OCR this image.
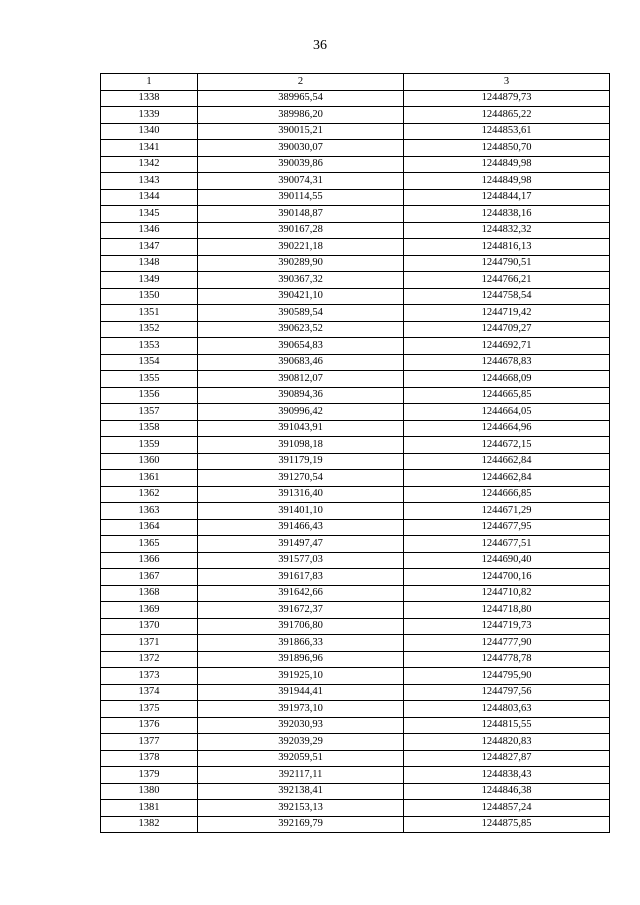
36
1	2	3
1338	389965,54	1244879,73
1339	389986,20	1244865,22
1340	390015,21	1244853,61
1341	390030,07	1244850,70
1342	390039,86	1244849,98
1343	390074,31	1244849,98
1344	390114,55	1244844,17
1345	390148,87	1244838,16
1346	390167,28	1244832,32
1347	390221,18	1244816,13
1348	390289,90	1244790,51
1349	390367,32	1244766,21
1350	390421,10	1244758,54
1351	390589,54	1244719,42
1352	390623,52	1244709,27
1353	390654,83	1244692,71
1354	390683,46	1244678,83
1355	390812,07	1244668,09
1356	390894,36	1244665,85
1357	390996,42	1244664,05
1358	391043,91	1244664,96
1359	391098,18	1244672,15
1360	391179,19	1244662,84
1361	391270,54	1244662,84
1362	391316,40	1244666,85
1363	391401,10	1244671,29
1364	391466,43	1244677,95
1365	391497,47	1244677,51
1366	391577,03	1244690,40
1367	391617,83	1244700,16
1368	391642,66	1244710,82
1369	391672,37	1244718,80
1370	391706,80	1244719,73
1371	391866,33	1244777,90
1372	391896,96	1244778,78
1373	391925,10	1244795,90
1374	391944,41	1244797,56
1375	391973,10	1244803,63
1376	392030,93	1244815,55
1377	392039,29	1244820,83
1378	392059,51	1244827,87
1379	392117,11	1244838,43
1380	392138,41	1244846,38
1381	392153,13	1244857,24
1382	392169,79	1244875,85
